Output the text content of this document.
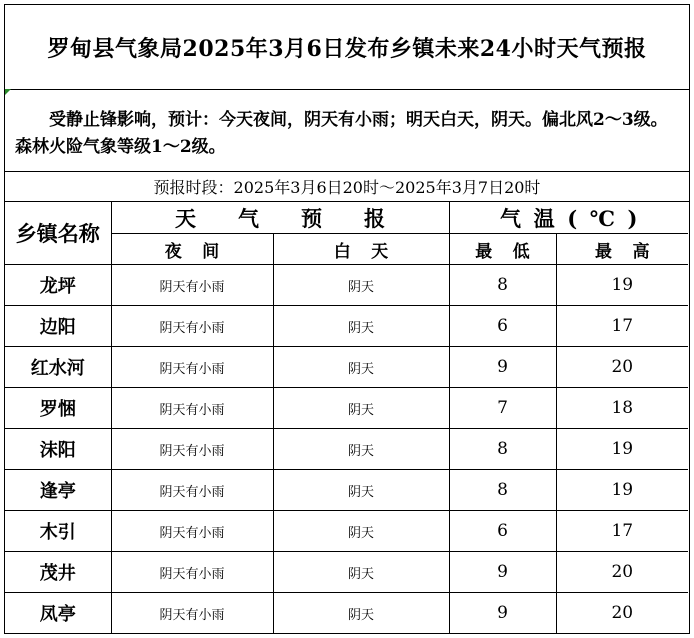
罗甸县气象局2025年3月6日发布乡镇未来24小时天气预报
受静止锋影响，预计：今天夜间，阴天有小雨；明天白天，阴天。偏北风2～3级。森林火险气象等级1～2级。
预报时段：2025年3月6日20时～2025年3月7日20时
乡镇名称	天气预报		气温(℃)	
	夜间	白天	最低	最高
龙坪	阴天有小雨	阴天	8	19
边阳	阴天有小雨	阴天	6	17
红水河	阴天有小雨	阴天	9	20
罗悃	阴天有小雨	阴天	7	18
沫阳	阴天有小雨	阴天	8	19
逢亭	阴天有小雨	阴天	8	19
木引	阴天有小雨	阴天	6	17
茂井	阴天有小雨	阴天	9	20
凤亭	阴天有小雨	阴天	9	20
